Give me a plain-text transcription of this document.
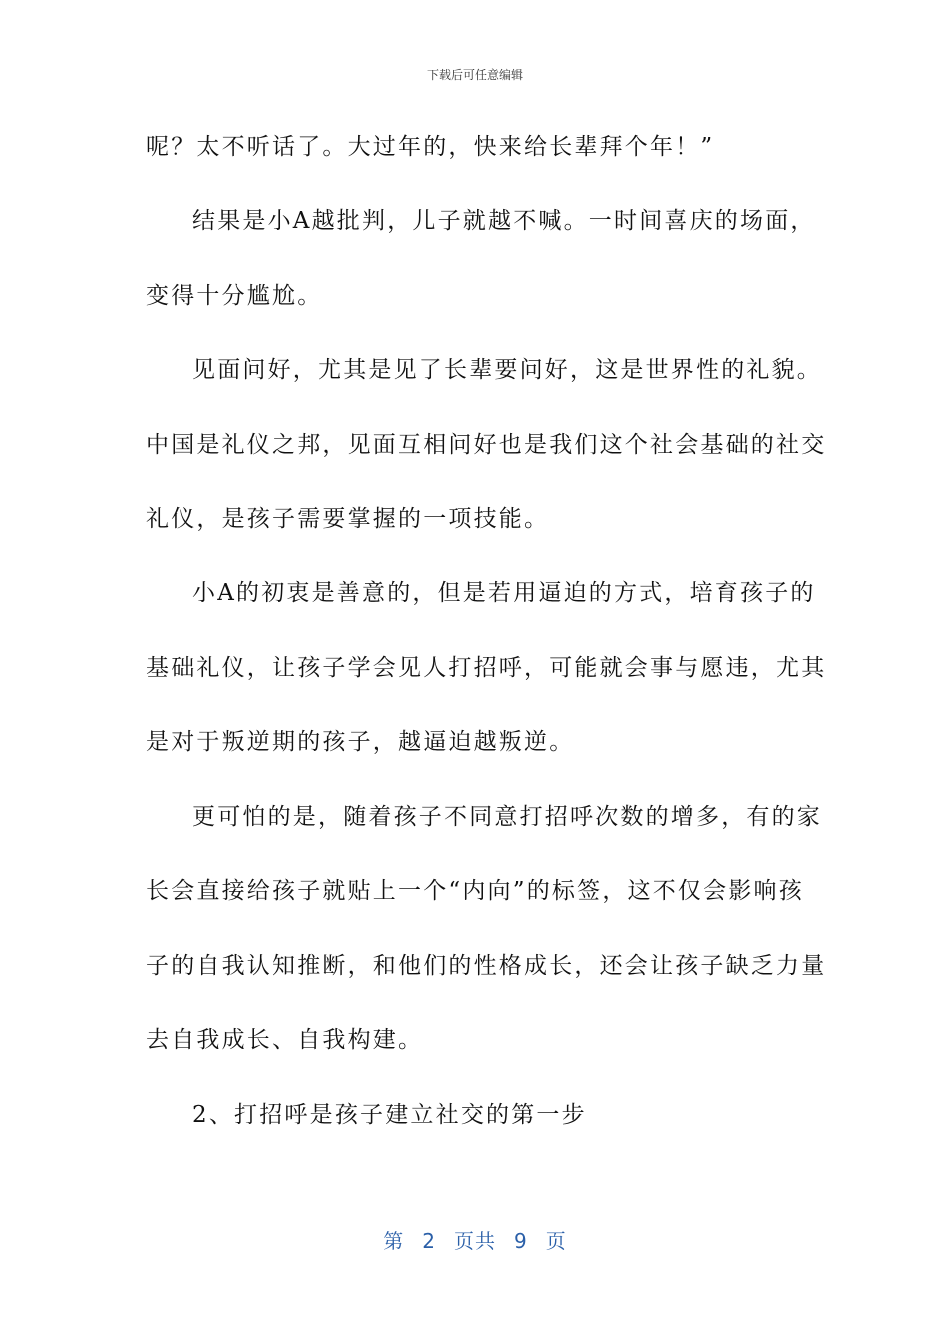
下载后可任意编辑
呢？太不听话了。大过年的，快来给长辈拜个年！”
结果是小A越批判，儿子就越不喊。一时间喜庆的场面，
变得十分尴尬。
见面问好，尤其是见了长辈要问好，这是世界性的礼貌。
中国是礼仪之邦，见面互相问好也是我们这个社会基础的社交
礼仪，是孩子需要掌握的一项技能。
小A的初衷是善意的，但是若用逼迫的方式，培育孩子的
基础礼仪，让孩子学会见人打招呼，可能就会事与愿违，尤其
是对于叛逆期的孩子，越逼迫越叛逆。
更可怕的是，随着孩子不同意打招呼次数的增多，有的家
长会直接给孩子就贴上一个“内向”的标签，这不仅会影响孩
子的自我认知推断，和他们的性格成长，还会让孩子缺乏力量
去自我成长、自我构建。
2、打招呼是孩子建立社交的第一步
第 2 页共 9 页
